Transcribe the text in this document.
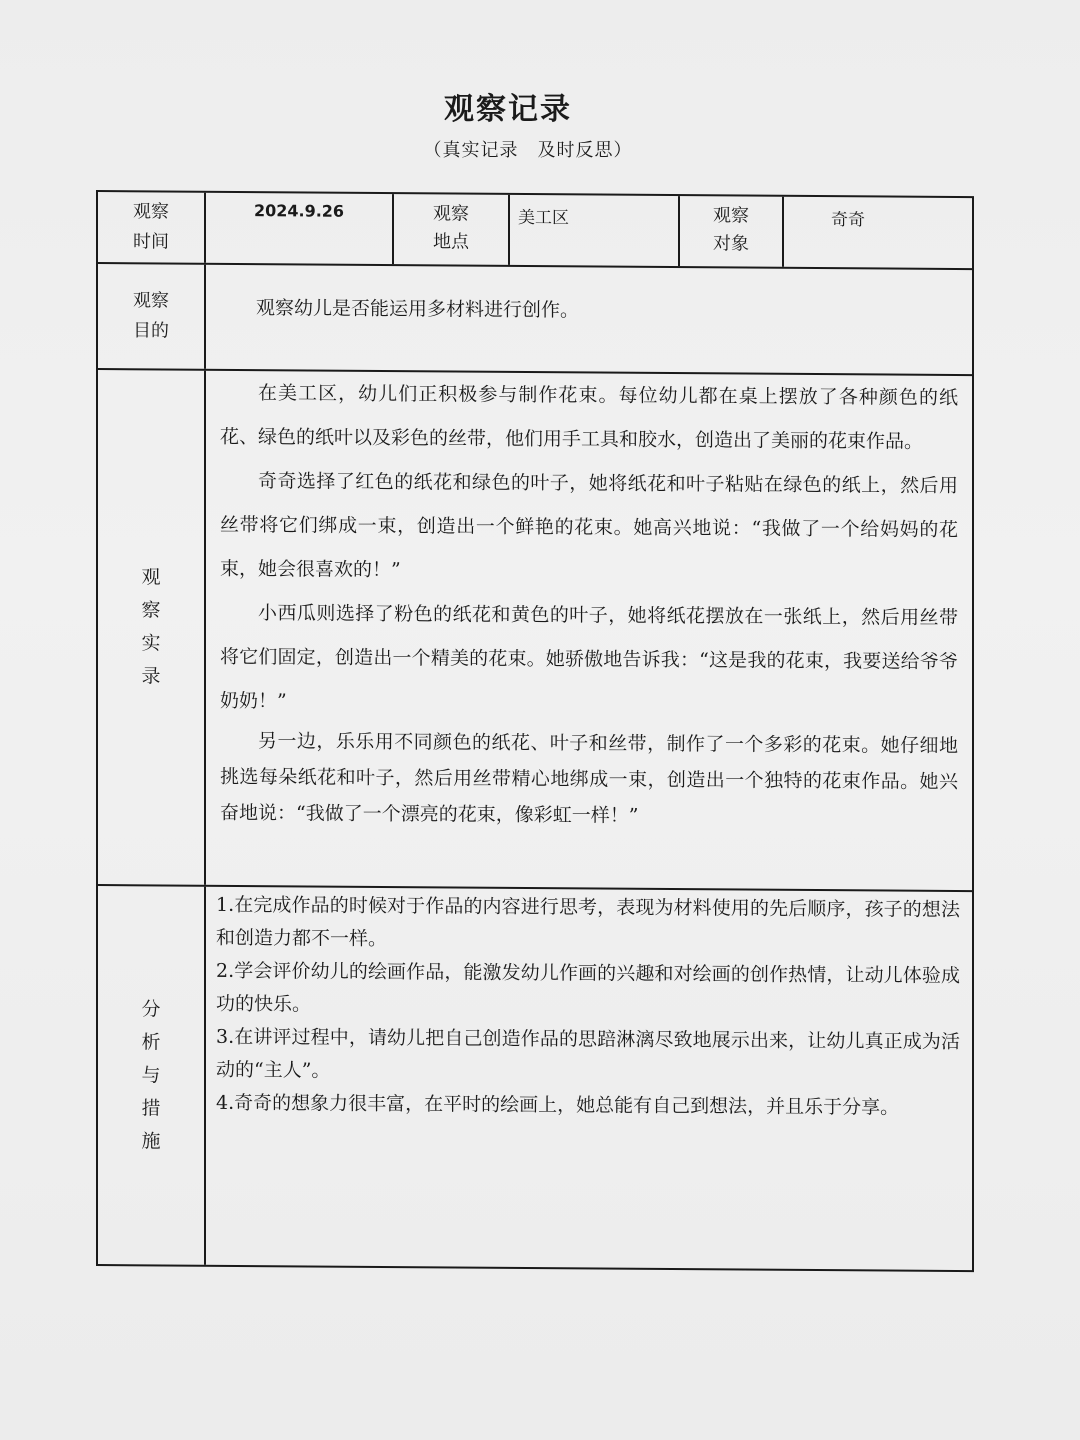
观察记录
（真实记录　及时反思）
观察
时间
2024.9.26	观察
地点
美工区	观察
对象
奇奇
观察
目的
观察幼儿是否能运用多材料进行创作。
观
察
实
录

在美工区，幼儿们正积极参与制作花束。每位幼儿都在桌上摆放了各种颜色的纸花、绿色的纸叶以及彩色的丝带，他们用手工具和胶水，创造出了美丽的花束作品。

奇奇选择了红色的纸花和绿色的叶子，她将纸花和叶子粘贴在绿色的纸上，然后用丝带将它们绑成一束，创造出一个鲜艳的花束。她高兴地说：“我做了一个给妈妈的花束，她会很喜欢的！”

小西瓜则选择了粉色的纸花和黄色的叶子，她将纸花摆放在一张纸上，然后用丝带将它们固定，创造出一个精美的花束。她骄傲地告诉我：“这是我的花束，我要送给爷爷奶奶！”

另一边，乐乐用不同颜色的纸花、叶子和丝带，制作了一个多彩的花束。她仔细地挑选每朵纸花和叶子，然后用丝带精心地绑成一束，创造出一个独特的花束作品。她兴奋地说：“我做了一个漂亮的花束，像彩虹一样！”

分
析
与
措
施

1.在完成作品的时候对于作品的内容进行思考，表现为材料使用的先后顺序，孩子的想法和创造力都不一样。

2.学会评价幼儿的绘画作品，能激发幼儿作画的兴趣和对绘画的创作热情，让动儿体验成功的快乐。

3.在讲评过程中，请幼儿把自己创造作品的思踣淋漓尽致地展示出来，让幼儿真正成为活动的“主人”。

4.奇奇的想象力很丰富，在平时的绘画上，她总能有自己到想法，并且乐于分享。
